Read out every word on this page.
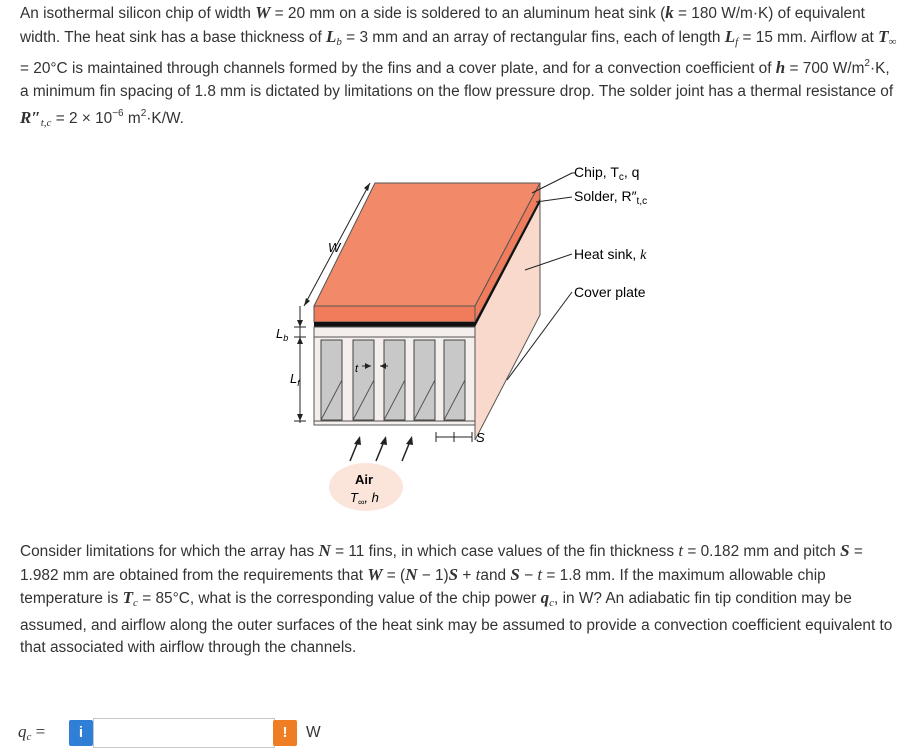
An isothermal silicon chip of width W = 20 mm on a side is soldered to an aluminum heat sink (k = 180 W/m·K) of equivalent width. The heat sink has a base thickness of $L_b = 3$ mm and an array of rectangular fins, each of length $L_f = 15$ mm. Airflow at $T_\infty = 20^\circ C$ is maintained through channels formed by the fins and a cover plate, and for a convection coefficient of h = 700 $W/m^2\cdot K$, a minimum fin spacing of 1.8 mm is dictated by limitations on the flow pressure drop. The solder joint has a thermal resistance of $R''_{t,c} = 2 \times 10^{-6}$ $m^2\cdot K/W$.

W
$L_b$
$L_f$
t
S
Air
$T_\infty$, h
Chip, $T_c$, q
Solder, $R''_{t,c}$
Heat sink, k
Cover plate

Consider limitations for which the array has N = 11 fins, in which case values of the fin thickness t = 0.182 mm and pitch S = 1.982 mm are obtained from the requirements that W = (N − 1)S + tand S − t = 1.8 mm. If the maximum allowable chip temperature is $T_c = 85^\circ C$, what is the corresponding value of the chip power $q_c$, in W? An adiabatic fin tip condition may be assumed, and airflow along the outer surfaces of the heat sink may be assumed to provide a convection coefficient equivalent to that associated with airflow through the channels.

$q_c$ =	i	!	W
